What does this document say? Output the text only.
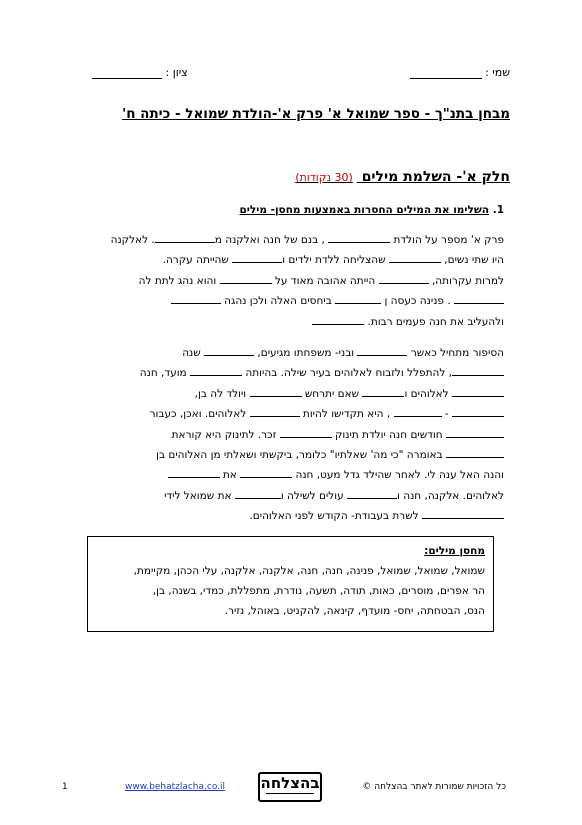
שמי :
ציון :
מבחן בתנ"ך - ספר שמואל א' פרק א'-הולדת שמואל - כיתה ח'
חלק א'- השלמת מילים (30 נקודות)
1. השלימו את המילים החסרות באמצעות מחסן- מילים
פרק א' מספר על הולדת  , בנם של חנה ואלקנה מ. לאלקנה
היו שתי נשים,  שהצליחה ללדת ילדים ו שהייתה עקרה.
למרות עקרותה,  הייתה אהובה מאוד על  והוא נהג לתת לה
. פנינה כעסה ן  ביחסים האלה ולכן נהגה
ולהעליב את חנה פעמים רבות.
הסיפור מתחיל כאשר  ובני- משפחתו מגיעים,  שנה
, להתפלל ולזבוח לאלוהים בעיר שילה. בהיותה  מועד, חנה
לאלוהים ו שאם יתרחש  ויולד לה בן,
-  , היא תקדישו להיות  לאלוהים. ואכן, כעבור
חודשים חנה יולדת תינוק  זכר. לתינוק היא קוראת
באומרה "כי מה' שאלתיו" כלומר, ביקשתי ושאלתי מן האלוהים בן
והנה האל ענה לי. לאחר שהילד גדל מעט, חנה  את
לאלוהים. אלקנה, חנה ו עולים לשילה ו את שמואל לידי
לשרת בעבודת- הקודש לפני האלוהים.
מחסן מילים:
שמואל, שמואל, שמואל, פנינה, חנה, חנה, אלקנה, אלקנה, עלי הכהן, מקיימת,
הר אפרים, מוסרים, כאות, תודה, תשעה, נודרת, מתפללת, כמדי, בשנה, בן,
הנס, הבטחתה, יחס- מועדף, קינאה, להקניט, באוהל, נזיר.
כל הזכויות שמורות לאתר בהצלחה ©
בהצלחה
www.behatzlacha.co.il
1
